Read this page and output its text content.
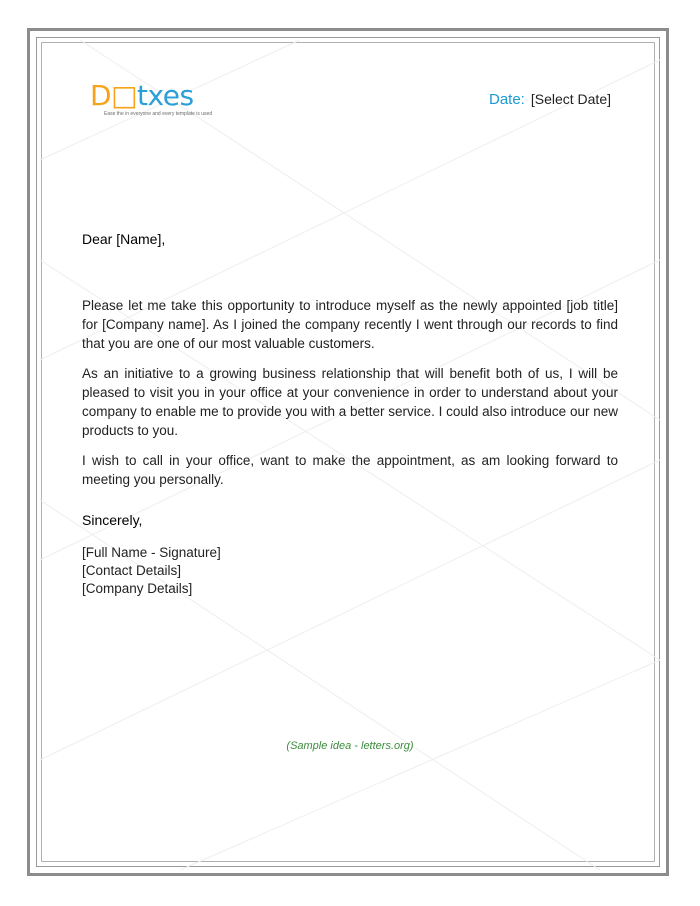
D□txes
Ease the in everyone and every template is used
Date: [Select Date]
Dear [Name],

Please let me take this opportunity to introduce myself as the newly appointed [job title] for [Company name]. As I joined the company recently I went through our records to find that you are one of our most valuable customers.

As an initiative to a growing business relationship that will benefit both of us, I will be pleased to visit you in your office at your convenience in order to understand about your company to enable me to provide you with a better service. I could also introduce our new products to you.

I wish to call in your office, want to make the appointment, as am looking forward to meeting you personally.

Sincerely,
[Full Name - Signature]
[Contact Details]
[Company Details]
(Sample idea - letters.org)
